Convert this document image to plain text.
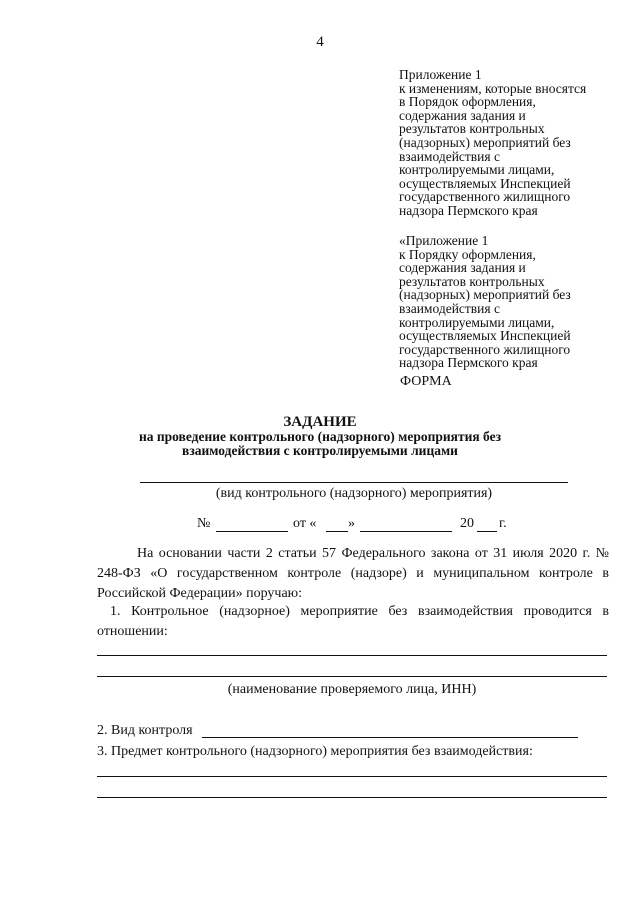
4
Приложение 1
к изменениям, которые вносятся
в Порядок оформления,
содержания задания и
результатов контрольных
(надзорных) мероприятий без
взаимодействия с
контролируемыми лицами,
осуществляемых Инспекцией
государственного жилищного
надзора Пермского края
«Приложение 1
к Порядку оформления,
содержания задания и
результатов контрольных
(надзорных) мероприятий без
взаимодействия с
контролируемыми лицами,
осуществляемых Инспекцией
государственного жилищного
надзора Пермского края
ФОРМА
ЗАДАНИЕ
на проведение контрольного (надзорного) мероприятия без
взаимодействия с контролируемыми лицами
(вид контрольного (надзорного) мероприятия)
№	от « »	20 г.
На основании части 2 статьи 57 Федерального закона от 31 июля 2020 г. № 248-ФЗ «О государственном контроле (надзоре) и муниципальном контроле в Российской Федерации» поручаю:
1. Контрольное (надзорное) мероприятие без взаимодействия проводится в отношении:
(наименование проверяемого лица, ИНН)
2. Вид контроля
3. Предмет контрольного (надзорного) мероприятия без взаимодействия:
